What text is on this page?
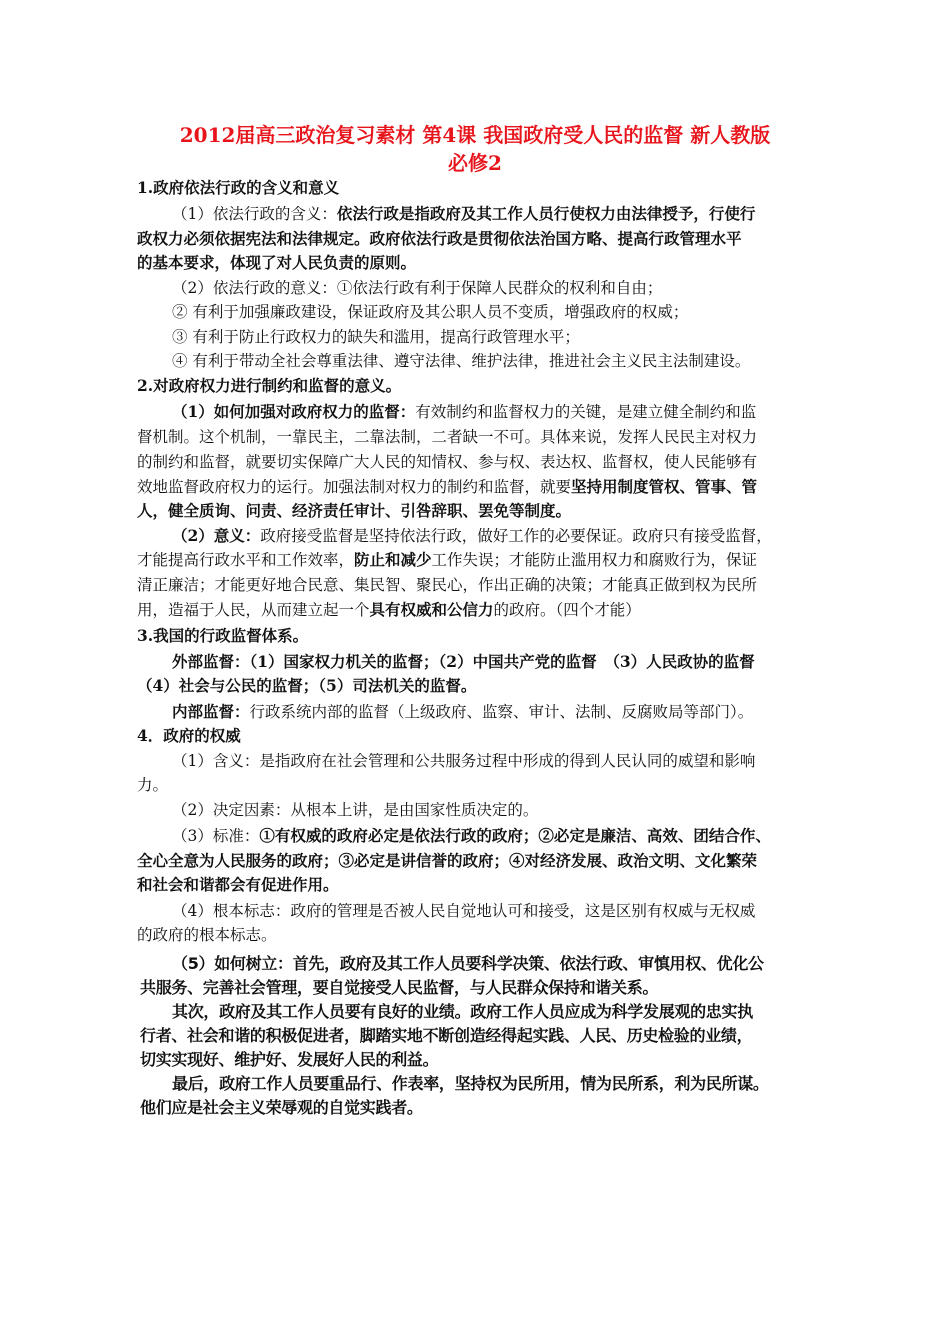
2012届高三政治复习素材 第4课 我国政府受人民的监督 新人教版
必修2
1.政府依法行政的含义和意义
（1）依法行政的含义：依法行政是指政府及其工作人员行使权力由法律授予，行使行
政权力必须依据宪法和法律规定。政府依法行政是贯彻依法治国方略、提高行政管理水平
的基本要求，体现了对人民负责的原则。
（2）依法行政的意义：①依法行政有利于保障人民群众的权利和自由；
② 有利于加强廉政建设，保证政府及其公职人员不变质，增强政府的权威；
③ 有利于防止行政权力的缺失和滥用，提高行政管理水平；
④ 有利于带动全社会尊重法律、遵守法律、维护法律，推进社会主义民主法制建设。
2.对政府权力进行制约和监督的意义。
（1）如何加强对政府权力的监督：有效制约和监督权力的关键，是建立健全制约和监
督机制。这个机制，一靠民主，二靠法制，二者缺一不可。具体来说，发挥人民民主对权力
的制约和监督，就要切实保障广大人民的知情权、参与权、表达权、监督权，使人民能够有
效地监督政府权力的运行。加强法制对权力的制约和监督，就要坚持用制度管权、管事、管
人，健全质询、问责、经济责任审计、引咎辞职、罢免等制度。
（2）意义：政府接受监督是坚持依法行政，做好工作的必要保证。政府只有接受监督，
才能提高行政水平和工作效率，防止和减少工作失误；才能防止滥用权力和腐败行为，保证
清正廉洁；才能更好地合民意、集民智、聚民心，作出正确的决策；才能真正做到权为民所
用，造福于人民，从而建立起一个具有权威和公信力的政府。（四个才能）
3.我国的行政监督体系。
外部监督：（1）国家权力机关的监督；（2）中国共产党的监督　（3）人民政协的监督
（4）社会与公民的监督；（5）司法机关的监督。
内部监督：行政系统内部的监督（上级政府、监察、审计、法制、反腐败局等部门）。
4．政府的权威
（1）含义：是指政府在社会管理和公共服务过程中形成的得到人民认同的威望和影响
力。
（2）决定因素：从根本上讲，是由国家性质决定的。
（3）标准：①有权威的政府必定是依法行政的政府；②必定是廉洁、高效、团结合作、
全心全意为人民服务的政府；③必定是讲信誉的政府；④对经济发展、政治文明、文化繁荣
和社会和谐都会有促进作用。
（4）根本标志：政府的管理是否被人民自觉地认可和接受，这是区别有权威与无权威
的政府的根本标志。
（5）如何树立：首先，政府及其工作人员要科学决策、依法行政、审慎用权、优化公
共服务、完善社会管理，要自觉接受人民监督，与人民群众保持和谐关系。
其次，政府及其工作人员要有良好的业绩。政府工作人员应成为科学发展观的忠实执
行者、社会和谐的积极促进者，脚踏实地不断创造经得起实践、人民、历史检验的业绩，
切实实现好、维护好、发展好人民的利益。
最后，政府工作人员要重品行、作表率，坚持权为民所用，情为民所系，利为民所谋。
他们应是社会主义荣辱观的自觉实践者。
